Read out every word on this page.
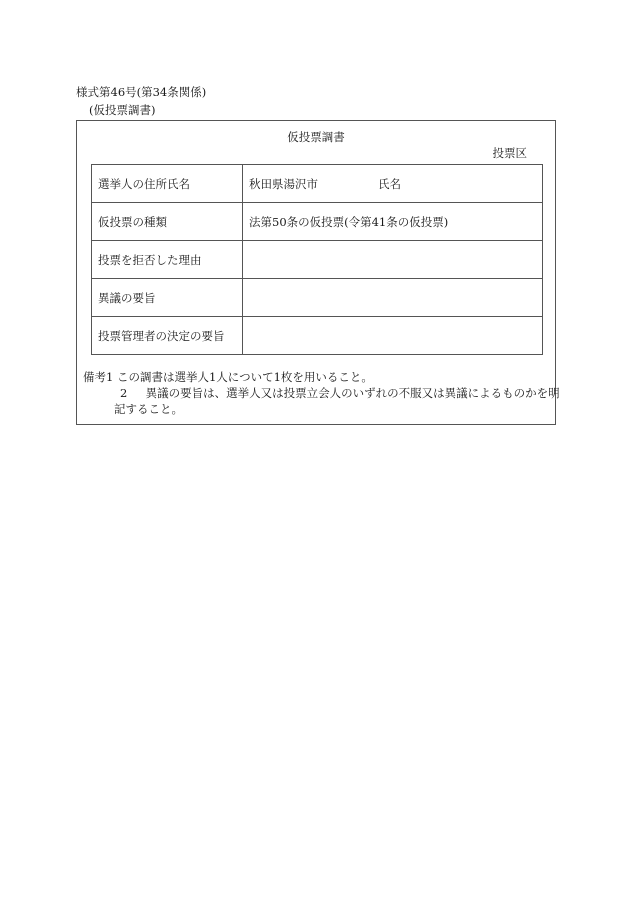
様式第46号(第34条関係)
(仮投票調書)
仮投票調書
投票区
選挙人の住所氏名	秋田県湯沢市 氏名
仮投票の種類	法第50条の仮投票(令第41条の仮投票)
投票を拒否した理由	
異議の要旨	
投票管理者の決定の要旨	
備考1 この調書は選挙人1人について1枚を用いること。
2 異議の要旨は、選挙人又は投票立会人のいずれの不服又は異議によるものかを明
記すること。
